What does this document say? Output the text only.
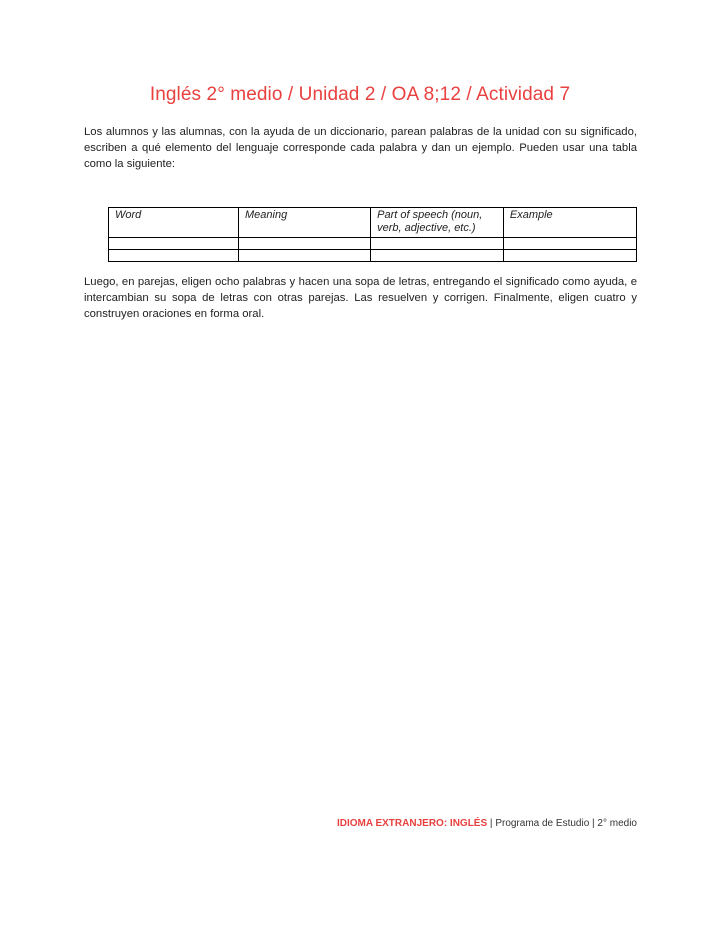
Inglés 2° medio / Unidad 2 / OA 8;12 / Actividad 7

Los alumnos y las alumnas, con la ayuda de un diccionario, parean palabras de la unidad con su significado, escriben a qué elemento del lenguaje corresponde cada palabra y dan un ejemplo. Pueden usar una tabla como la siguiente:

Word	Meaning	Part of speech (noun, verb, adjective, etc.)	Example

Luego, en parejas, eligen ocho palabras y hacen una sopa de letras, entregando el significado como ayuda, e intercambian su sopa de letras con otras parejas. Las resuelven y corrigen. Finalmente, eligen cuatro y construyen oraciones en forma oral.

IDIOMA EXTRANJERO: INGLÉS | Programa de Estudio | 2° medio
